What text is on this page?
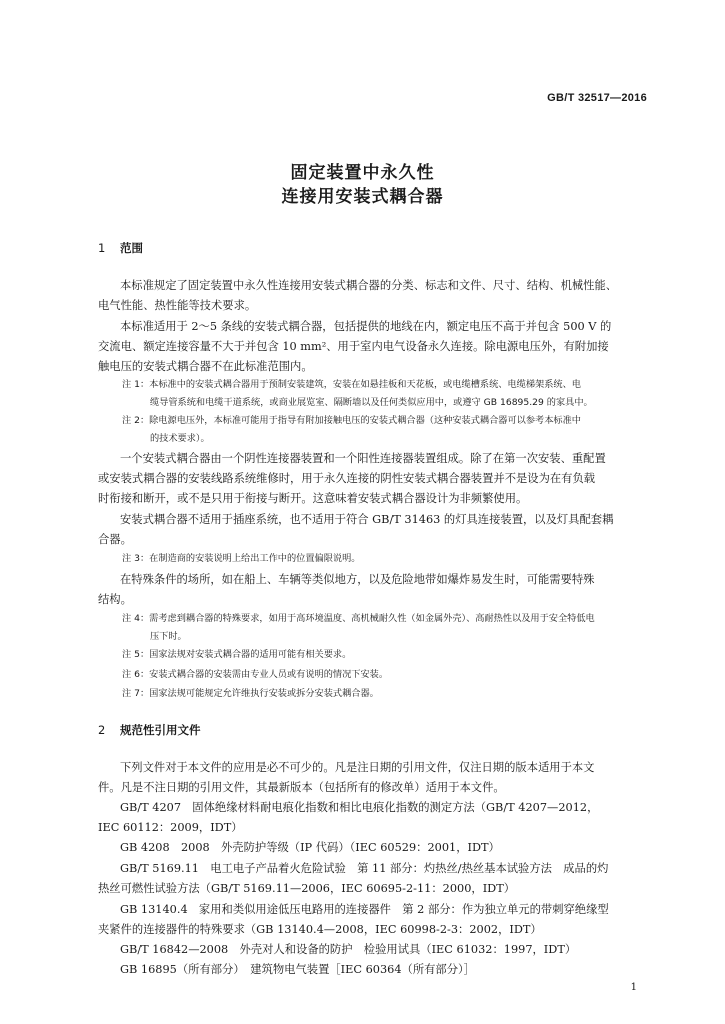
GB/T 32517—2016
固定装置中永久性
连接用安装式耦合器
1 范围
本标准规定了固定装置中永久性连接用安装式耦合器的分类、标志和文件、尺寸、结构、机械性能、
电气性能、热性能等技术要求。
本标准适用于 2～5 条线的安装式耦合器，包括提供的地线在内，额定电压不高于并包含 500 V 的
交流电、额定连接容量不大于并包含 10 mm²、用于室内电气设备永久连接。除电源电压外，有附加接
触电压的安装式耦合器不在此标准范围内。
注 1：本标准中的安装式耦合器用于预制安装建筑，安装在如悬挂板和天花板，或电缆槽系统、电缆梯架系统、电
缆导管系统和电缆干道系统，或商业展览室、隔断墙以及任何类似应用中，或遵守 GB 16895.29 的家具中。
注 2：除电源电压外，本标准可能用于指导有附加接触电压的安装式耦合器（这种安装式耦合器可以参考本标准中
的技术要求）。
一个安装式耦合器由一个阴性连接器装置和一个阳性连接器装置组成。除了在第一次安装、重配置
或安装式耦合器的安装线路系统维修时，用于永久连接的阴性安装式耦合器装置并不是设为在有负载
时衔接和断开，或不是只用于衔接与断开。这意味着安装式耦合器设计为非频繁使用。
安装式耦合器不适用于插座系统，也不适用于符合 GB/T 31463 的灯具连接装置，以及灯具配套耦
合器。
注 3：在制造商的安装说明上给出工作中的位置偏限说明。
在特殊条件的场所，如在船上、车辆等类似地方，以及危险地带如爆炸易发生时，可能需要特殊
结构。
注 4：需考虑到耦合器的特殊要求，如用于高环境温度、高机械耐久性（如金属外壳）、高耐热性以及用于安全特低电
压下时。
注 5：国家法规对安装式耦合器的适用可能有相关要求。
注 6：安装式耦合器的安装需由专业人员或有说明的情况下安装。
注 7：国家法规可能规定允许维执行安装或拆分安装式耦合器。
2 规范性引用文件
下列文件对于本文件的应用是必不可少的。凡是注日期的引用文件，仅注日期的版本适用于本文
件。凡是不注日期的引用文件，其最新版本（包括所有的修改单）适用于本文件。
GB/T 4207　固体绝缘材料耐电痕化指数和相比电痕化指数的测定方法（GB/T 4207—2012，
IEC 60112：2009，IDT）
GB 4208　2008　外壳防护等级（IP 代码）（IEC 60529：2001，IDT）
GB/T 5169.11　电工电子产品着火危险试验　第 11 部分：灼热丝/热丝基本试验方法　成品的灼
热丝可燃性试验方法（GB/T 5169.11—2006，IEC 60695-2-11：2000，IDT）
GB 13140.4　家用和类似用途低压电路用的连接器件　第 2 部分：作为独立单元的带刺穿绝缘型
夹紧件的连接器件的特殊要求（GB 13140.4—2008，IEC 60998-2-3：2002，IDT）
GB/T 16842—2008　外壳对人和设备的防护　检验用试具（IEC 61032：1997，IDT）
GB 16895（所有部分）　建筑物电气装置［IEC 60364（所有部分）］
1
